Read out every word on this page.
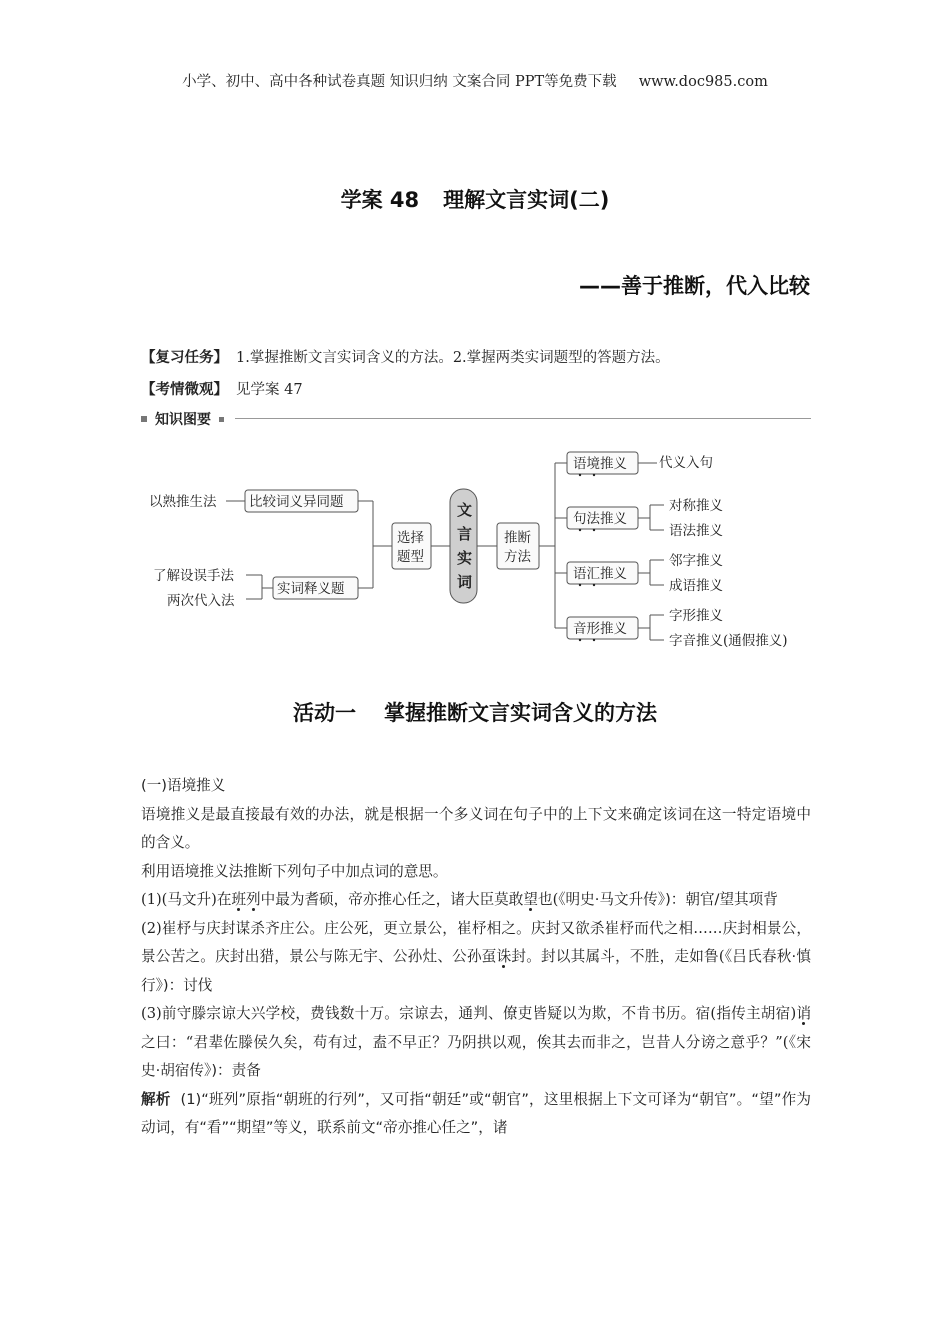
小学、初中、高中各种试卷真题 知识归纳 文案合同 PPT等免费下载 www.doc985.com
学案 48 理解文言实词(二)
——善于推断，代入比较
【复习任务】 1.掌握推断文言实词含义的方法。2.掌握两类实词题型的答题方法。
【考情微观】 见学案 47
知识图要
文
言
实
词
选择
题型
推断
方法
比较词义异同题
实词释义题
以熟推生法
了解设误手法
两次代入法
语境推义
句法推义
语汇推义
音形推义
代义入句
对称推义
语法推义
邻字推义
成语推义
字形推义
字音推义(通假推义)
活动一 掌握推断文言实词含义的方法

(一)语境推义

语境推义是最直接最有效的办法，就是根据一个多义词在句子中的上下文来确定该词在这一特定语境中的含义。

利用语境推义法推断下列句子中加点词的意思。

(1)(马文升)在班列中最为耆硕，帝亦推心任之，诸大臣莫敢望也(《明史·马文升传》)：朝官/望其项背

(2)崔杼与庆封谋杀齐庄公。庄公死，更立景公，崔杼相之。庆封又欲杀崔杼而代之相……庆封相景公，景公苦之。庆封出猎，景公与陈无宇、公孙灶、公孙虿诛封。封以其属斗，不胜，走如鲁(《吕氏春秋·慎行》)：讨伐

(3)前守滕宗谅大兴学校，费钱数十万。宗谅去，通判、僚吏皆疑以为欺，不肯书历。宿(指传主胡宿)诮之曰：“君辈佐滕侯久矣，苟有过，盍不早正？乃阴拱以观，俟其去而非之，岂昔人分谤之意乎？”(《宋史·胡宿传》)：责备

解析 (1)“班列”原指“朝班的行列”，又可指“朝廷”或“朝官”，这里根据上下文可译为“朝官”。“望”作为动词，有“看”“期望”等义，联系前文“帝亦推心任之”，诸
